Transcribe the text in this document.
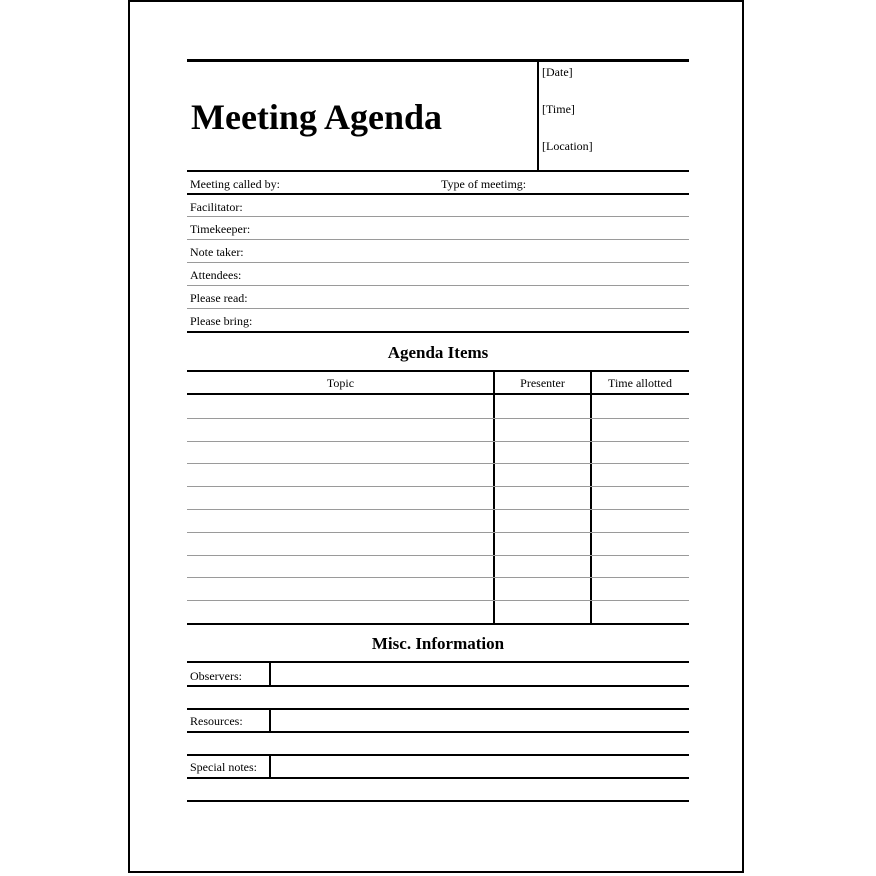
Meeting Agenda
[Date]
[Time]
[Location]
Meeting called by:	Type of meetimg:
Facilitator:
Timekeeper:
Note taker:
Attendees:
Please read:
Please bring:
Agenda Items
Topic	Presenter	Time allotted
Misc. Information
Observers:
Resources:
Special notes:
